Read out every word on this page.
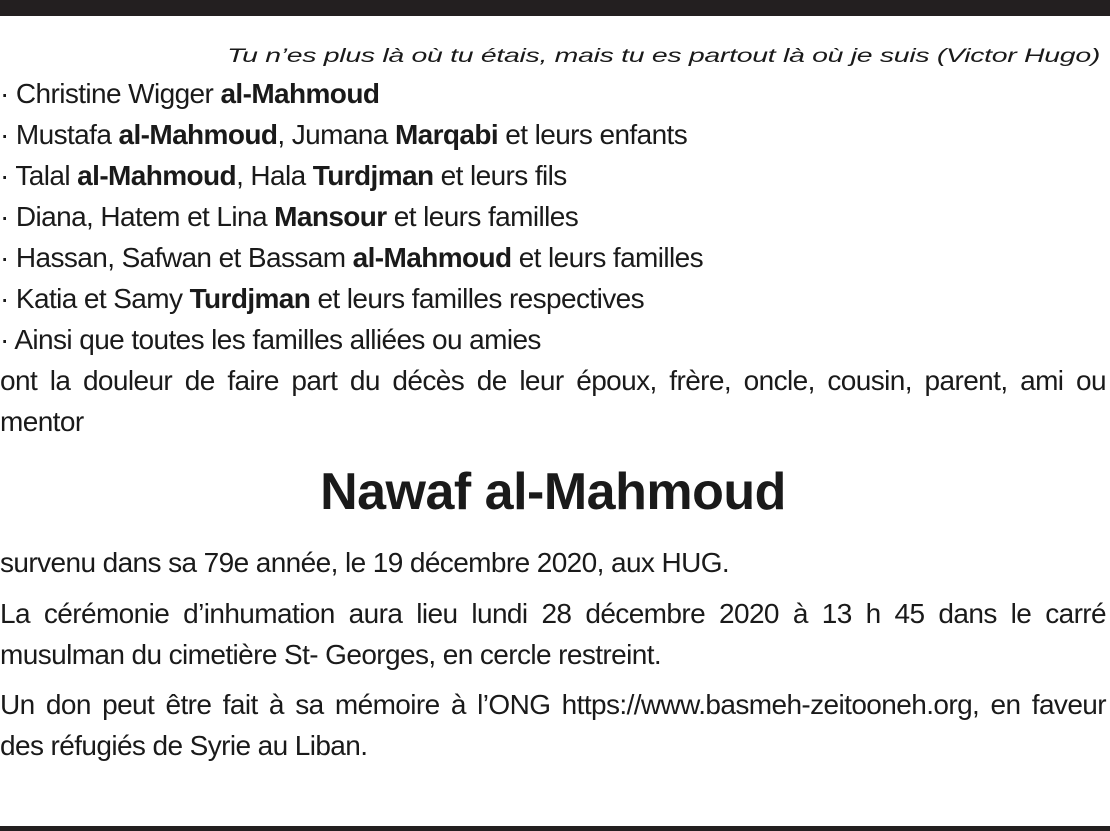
Tu n’es plus là où tu étais, mais tu es partout là où je suis (Victor Hugo)
· Christine Wigger al-Mahmoud
· Mustafa al-Mahmoud, Jumana Marqabi et leurs enfants
· Talal al-Mahmoud, Hala Turdjman et leurs fils
· Diana, Hatem et Lina Mansour et leurs familles
· Hassan, Safwan et Bassam al-Mahmoud et leurs familles
· Katia et Samy Turdjman et leurs familles respectives
· Ainsi que toutes les familles alliées ou amies

ont la douleur de faire part du décès de leur époux, frère, oncle, cousin, parent, ami ou mentor

Nawaf al-Mahmoud

survenu dans sa 79e année, le 19 décembre 2020, aux HUG.

La cérémonie d’inhumation aura lieu lundi 28 décembre 2020 à 13 h 45 dans le carré musulman du cimetière St- Georges, en cercle restreint.

Un don peut être fait à sa mémoire à l’ONG https://www.basmeh-zeitooneh.org, en faveur des réfugiés de Syrie au Liban.
